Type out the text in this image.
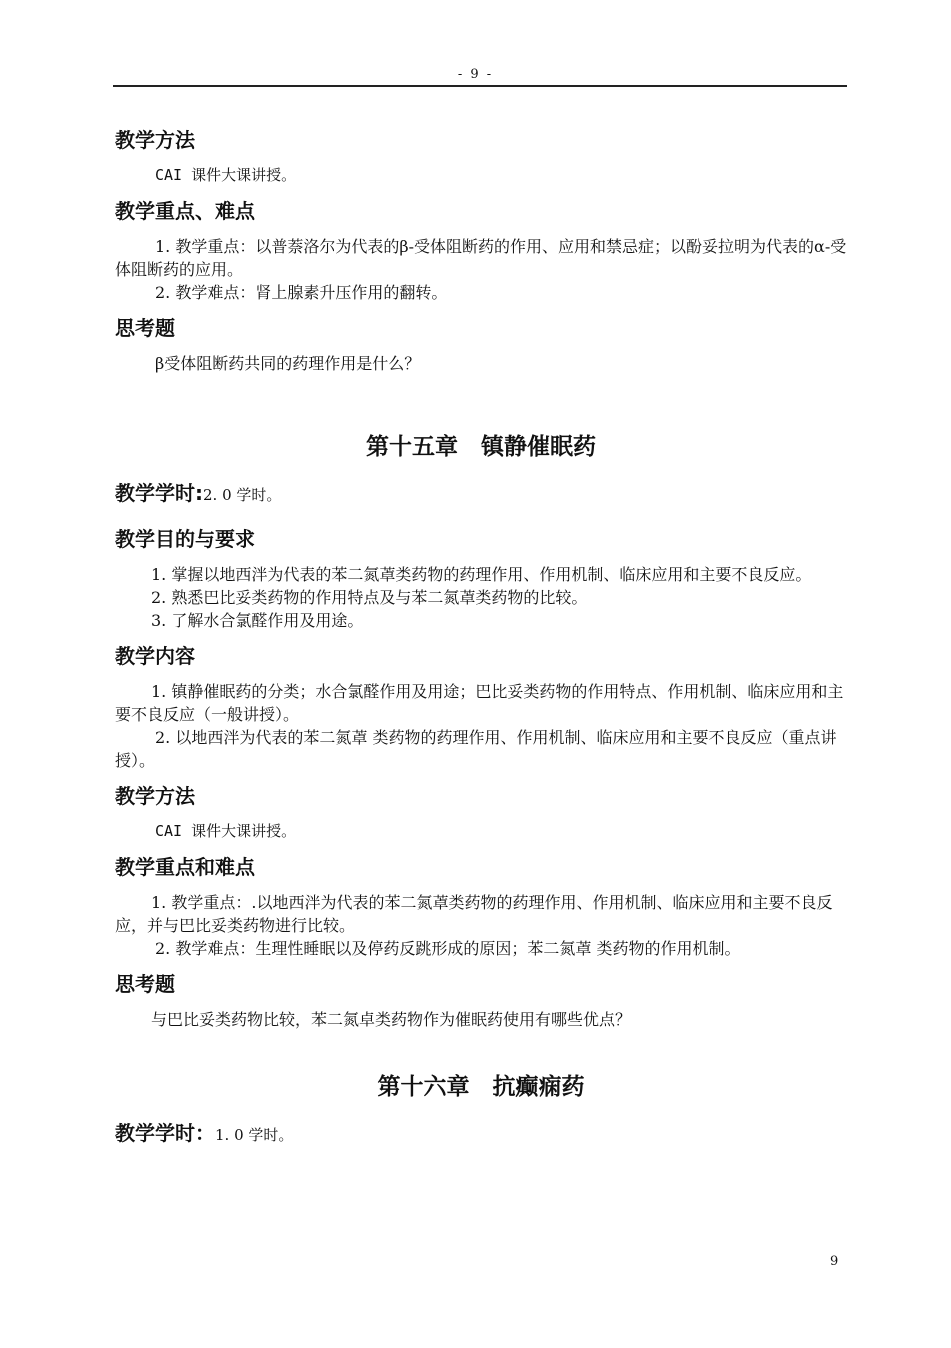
- 9 -
教学方法

CAI 课件大课讲授。

教学重点、难点

1. 教学重点：以普萘洛尔为代表的β-受体阻断药的作用、应用和禁忌症；以酚妥拉明为代表的α-受体阻断药的应用。

2. 教学难点：肾上腺素升压作用的翻转。

思考题

β受体阻断药共同的药理作用是什么？

第十五章　镇静催眠药

教学学时:2. 0 学时。

教学目的与要求

1. 掌握以地西泮为代表的苯二氮䓬类药物的药理作用、作用机制、临床应用和主要不良反应。

2. 熟悉巴比妥类药物的作用特点及与苯二氮䓬类药物的比较。

3. 了解水合氯醛作用及用途。

教学内容

1. 镇静催眠药的分类；水合氯醛作用及用途；巴比妥类药物的作用特点、作用机制、临床应用和主要不良反应（一般讲授）。

2. 以地西泮为代表的苯二氮䓬 类药物的药理作用、作用机制、临床应用和主要不良反应（重点讲授）。

教学方法

CAI 课件大课讲授。

教学重点和难点

1. 教学重点：.以地西泮为代表的苯二氮䓬类药物的药理作用、作用机制、临床应用和主要不良反应，并与巴比妥类药物进行比较。

2. 教学难点：生理性睡眠以及停药反跳形成的原因；苯二氮䓬 类药物的作用机制。

思考题

与巴比妥类药物比较，苯二氮卓类药物作为催眠药使用有哪些优点？

第十六章　抗癫痫药

教学学时：1. 0 学时。

9
